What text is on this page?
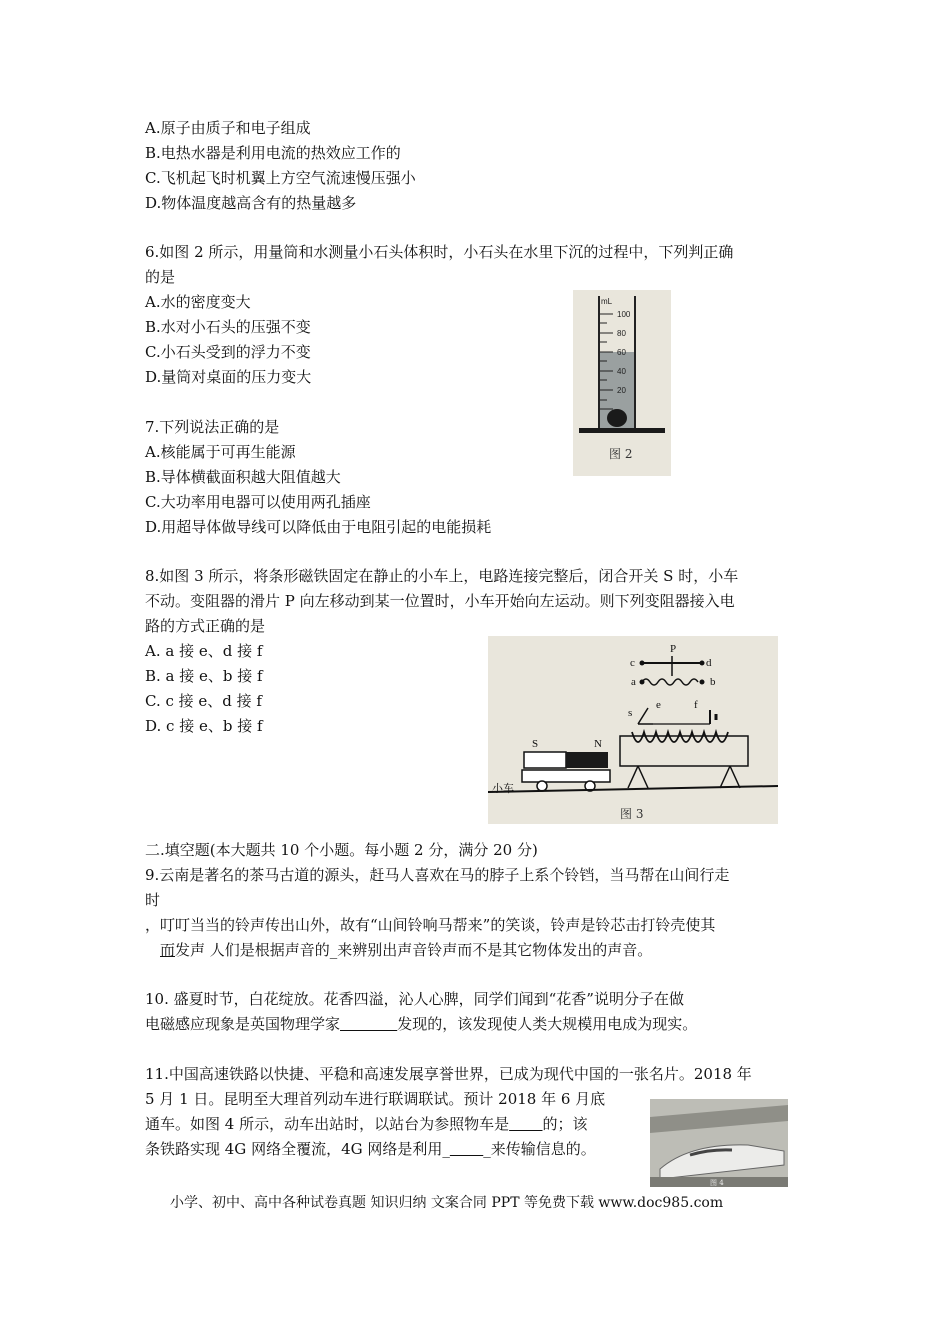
A.原子由质子和电子组成
B.电热水器是利用电流的热效应工作的
C.飞机起飞时机翼上方空气流速慢压强小
D.物体温度越高含有的热量越多
6.如图 2 所示，用量筒和水测量小石头体积时，小石头在水里下沉的过程中，下列判正确
的是
A.水的密度变大
B.水对小石头的压强不变
C.小石头受到的浮力不变
D.量筒对桌面的压力变大
mL
100
80
60
40
20
图 2
7.下列说法正确的是
A.核能属于可再生能源
B.导体横截面积越大阻值越大
C.大功率用电器可以使用两孔插座
D.用超导体做导线可以降低由于电阻引起的电能损耗
8.如图 3 所示，将条形磁铁固定在静止的小车上，电路连接完整后，闭合开关 S 时，小车
不动。变阻器的滑片 P 向左移动到某一位置时，小车开始向左运动。则下列变阻器接入电
路的方式正确的是
A. a 接 e、d 接 f
B. a 接 e、b 接 f
C. c 接 e、d 接 f
D. c 接 e、b 接 f
c	d
P
a	b
s
e	f
S	N
小车
图 3
二.填空题(本大题共 10 个小题。每小题 2 分，满分 20 分)
9.云南是著名的茶马古道的源头，赶马人喜欢在马的脖子上系个铃铛，当马帮在山间行走
时
，叮叮当当的铃声传出山外，故有“山间铃响马帮来”的笑谈，铃声是铃芯击打铃壳使其
而发声 人们是根据声音的_来辨别出声音铃声而不是其它物体发出的声音。
10. 盛夏时节，白花绽放。花香四溢，沁人心脾，同学们闻到“花香”说明分子在做
电磁感应现象是英国物理学家	发现的，该发现使人类大规模用电成为现实。
11.中国高速铁路以快捷、平稳和高速发展享誉世界，已成为现代中国的一张名片。2018 年
5 月 1 日。昆明至大理首列动车进行联调联试。预计 2018 年 6 月底
通车。如图 4 所示，动车出站时，以站台为参照物车是 的；该
条铁路实现 4G 网络全覆流，4G 网络是利用_ _来传输信息的。
图 4
小学、初中、高中各种试卷真题 知识归纳 文案合同 PPT 等免费下载 www.doc985.com
